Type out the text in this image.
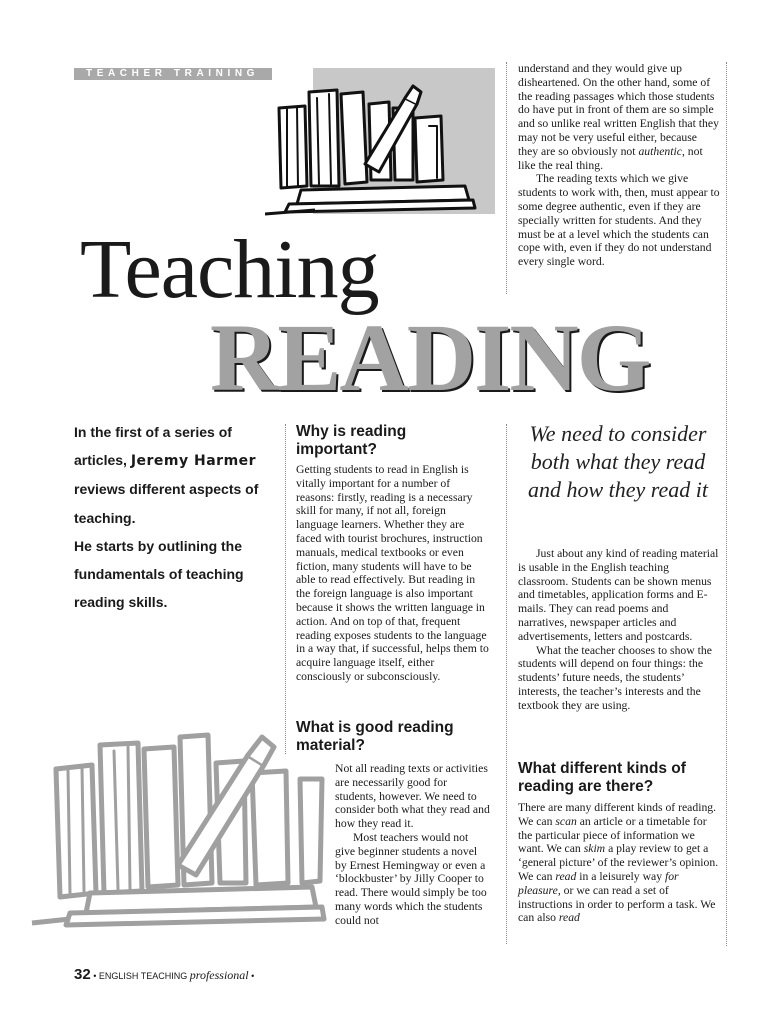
TEACHER TRAINING
Teaching
READING

understand and they would give up disheartened. On the other hand, some of the reading passages which those students do have put in front of them are so simple and so unlike real written English that they may not be very useful either, because they are so obviously not authentic, not like the real thing.

The reading texts which we give students to work with, then, must appear to some degree authentic, even if they are specially written for students. And they must be at a level which the students can cope with, even if they do not understand every single word.

In the first of a series of articles, Jeremy Harmer reviews different aspects of teaching.
He starts by outlining the fundamentals of teaching reading skills.
Why is reading important?

Getting students to read in English is vitally important for a number of reasons: firstly, reading is a necessary skill for many, if not all, foreign language learners. Whether they are faced with tourist brochures, instruction manuals, medical textbooks or even fiction, many students will have to be able to read effectively. But reading in the foreign language is also important because it shows the written language in action. And on top of that, frequent reading exposes students to the language in a way that, if successful, helps them to acquire language itself, either consciously or subconsciously.

What is good reading material?

Not all reading texts or activities are necessarily good for students, however. We need to consider both what they read and how they read it.

Most teachers would not give beginner students a novel by Ernest Hemingway or even a ‘blockbuster’ by Jilly Cooper to read. There would simply be too many words which the students could not

We need to consider both what they read and how they read it

Just about any kind of reading material is usable in the English teaching classroom. Students can be shown menus and timetables, application forms and E-mails. They can read poems and narratives, newspaper articles and advertisements, letters and postcards.

What the teacher chooses to show the students will depend on four things: the students’ future needs, the students’ interests, the teacher’s interests and the textbook they are using.

What different kinds of reading are there?

There are many different kinds of reading. We can scan an article or a timetable for the particular piece of information we want. We can skim a play review to get a ‘general picture’ of the reviewer’s opinion. We can read in a leisurely way for pleasure, or we can read a set of instructions in order to perform a task. We can also read

32 • ENGLISH TEACHING professional •
